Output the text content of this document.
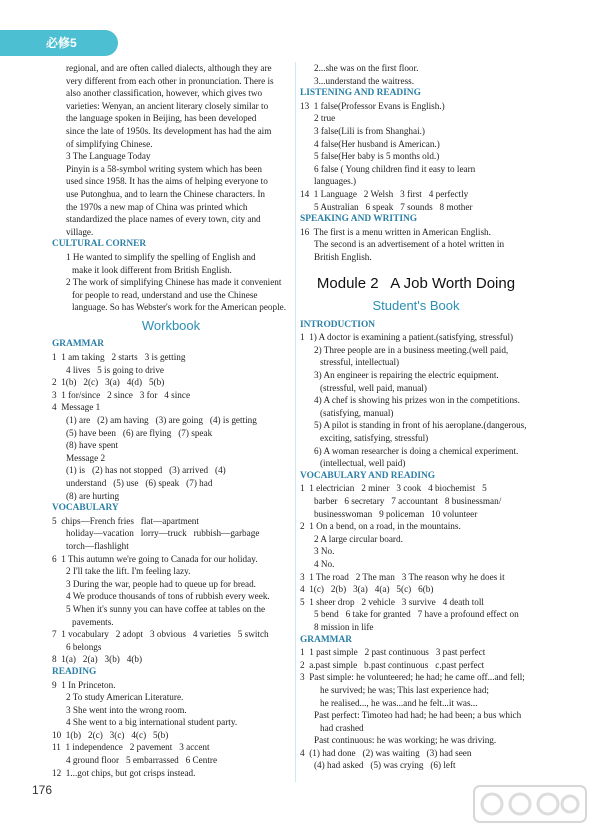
必修5
regional, and are often called dialects, although they are
very different from each other in pronunciation. There is
also another classification, however, which gives two
varieties: Wenyan, an ancient literary closely similar to
the language spoken in Beijing, has been developed
since the late of 1950s. Its development has had the aim
of simplifying Chinese.
3 The Language Today
Pinyin is a 58-symbol writing system which has been
used since 1958. It has the aims of helping everyone to
use Putonghua, and to learn the Chinese characters. In
the 1970s a new map of China was printed which
standardized the place names of every town, city and
village.
CULTURAL CORNER
1 He wanted to simplify the spelling of English and
make it look different from British English.
2 The work of simplifying Chinese has made it convenient
for people to read, understand and use the Chinese
language. So has Webster's work for the American people.
Workbook
GRAMMAR
1  1 am taking   2 starts   3 is getting
4 lives   5 is going to drive
2  1(b)   2(c)   3(a)   4(d)   5(b)
3  1 for/since   2 since   3 for   4 since
4  Message 1
(1) are   (2) am having   (3) are going   (4) is getting
(5) have been   (6) are flying   (7) speak
(8) have spent
Message 2
(1) is   (2) has not stopped   (3) arrived   (4)
understand   (5) use   (6) speak   (7) had
(8) are hurting
VOCABULARY
5  chips—French fries   flat—apartment
holiday—vacation   lorry—truck   rubbish—garbage
torch—flashlight
6  1 This autumn we're going to Canada for our holiday.
2 I'll take the lift. I'm feeling lazy.
3 During the war, people had to queue up for bread.
4 We produce thousands of tons of rubbish every week.
5 When it's sunny you can have coffee at tables on the
pavements.
7  1 vocabulary   2 adopt   3 obvious   4 varieties   5 switch
6 belongs
8  1(a)   2(a)   3(b)   4(b)
READING
9  1 In Princeton.
2 To study American Literature.
3 She went into the wrong room.
4 She went to a big international student party.
10  1(b)   2(c)   3(c)   4(c)   5(b)
11  1 independence   2 pavement   3 accent
4 ground floor   5 embarrassed   6 Centre
12  1...got chips, but got crisps instead.
2...she was on the first floor.
3...understand the waitress.
LISTENING AND READING
13  1 false(Professor Evans is English.)
2 true
3 false(Lili is from Shanghai.)
4 false(Her husband is American.)
5 false(Her baby is 5 months old.)
6 false ( Young children find it easy to learn
languages.)
14  1 Language   2 Welsh   3 first   4 perfectly
5 Australian   6 speak   7 sounds   8 mother
SPEAKING AND WRITING
16  The first is a menu written in American English.
The second is an advertisement of a hotel written in
British English.
Module 2   A Job Worth Doing
Student's Book
INTRODUCTION
1  1) A doctor is examining a patient.(satisfying, stressful)
2) Three people are in a business meeting.(well paid,
stressful, intellectual)
3) An engineer is repairing the electric equipment.
(stressful, well paid, manual)
4) A chef is showing his prizes won in the competitions.
(satisfying, manual)
5) A pilot is standing in front of his aeroplane.(dangerous,
exciting, satisfying, stressful)
6) A woman researcher is doing a chemical experiment.
(intellectual, well paid)
VOCABULARY AND READING
1  1 electrician   2 miner   3 cook   4 biochemist   5
barber   6 secretary   7 accountant   8 businessman/
businesswoman   9 policeman   10 volunteer
2  1 On a bend, on a road, in the mountains.
2 A large circular board.
3 No.
4 No.
3  1 The road   2 The man   3 The reason why he does it
4  1(c)   2(b)   3(a)   4(a)   5(c)   6(b)
5  1 sheer drop   2 vehicle   3 survive   4 death toll
5 bend   6 take for granted   7 have a profound effect on
8 mission in life
GRAMMAR
1  1 past simple   2 past continuous   3 past perfect
2  a.past simple   b.past continuous   c.past perfect
3  Past simple: he volunteered; he had; he came off...and fell;
he survived; he was; This last experience had;
he realised..., he was...and he felt...it was...
Past perfect: Timoteo had had; he had been; a bus which
had crashed
Past continuous: he was working; he was driving.
4  (1) had done   (2) was waiting   (3) had seen
(4) had asked   (5) was crying   (6) left
176
